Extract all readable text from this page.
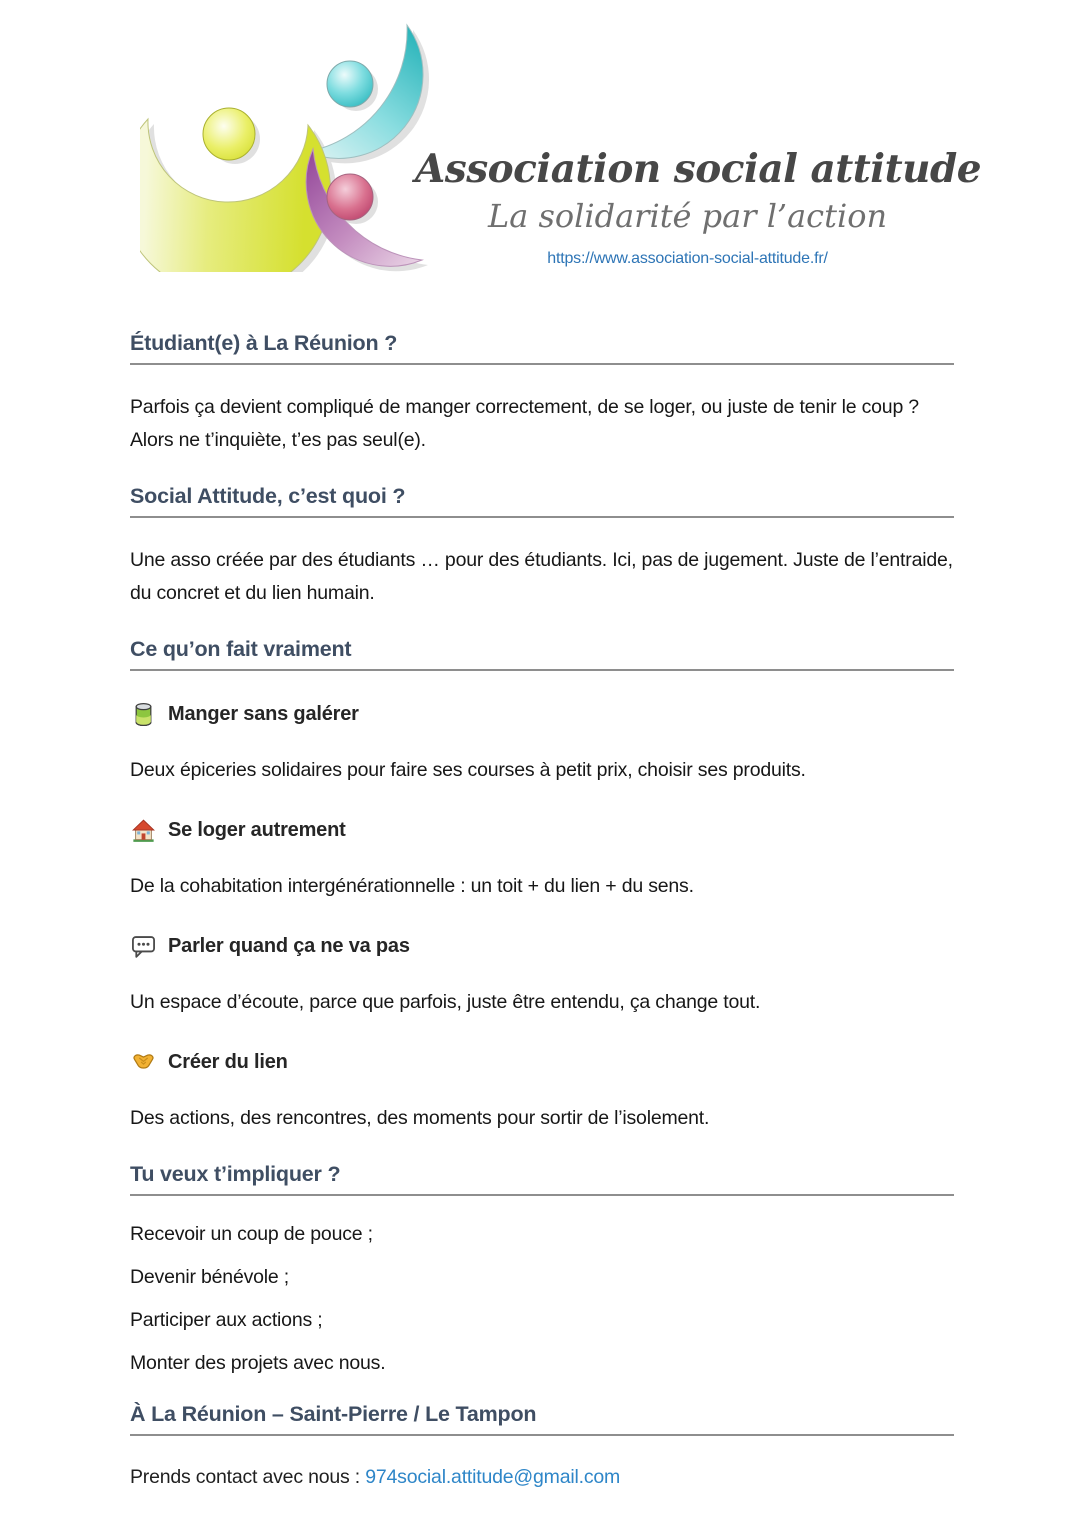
Association social attitude
La solidarité par l’action
https://www.association-social-attitude.fr/
Étudiant(e) à La Réunion ?

Parfois ça devient compliqué de manger correctement, de se loger, ou juste de tenir le coup ? Alors ne t’inquiète, t’es pas seul(e).

Social Attitude, c’est quoi ?

Une asso créée par des étudiants … pour des étudiants. Ici, pas de jugement. Juste de l’entraide, du concret et du lien humain.

Ce qu’on fait vraiment
Manger sans galérer

Deux épiceries solidaires pour faire ses courses à petit prix, choisir ses produits.

Se loger autrement

De la cohabitation intergénérationnelle : un toit + du lien + du sens.

Parler quand ça ne va pas

Un espace d’écoute, parce que parfois, juste être entendu, ça change tout.

Créer du lien

Des actions, des rencontres, des moments pour sortir de l’isolement.

Tu veux t’impliquer ?

Recevoir un coup de pouce ;

Devenir bénévole ;

Participer aux actions ;

Monter des projets avec nous.

À La Réunion – Saint-Pierre / Le Tampon

Prends contact avec nous : 974social.attitude@gmail.com
